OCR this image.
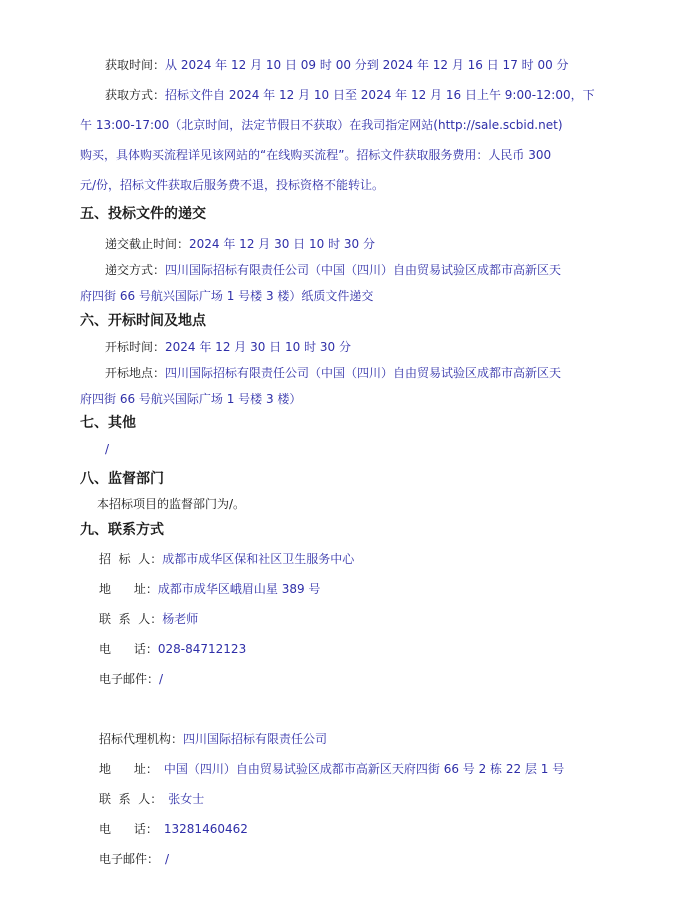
获取时间：从 2024 年 12 月 10 日 09 时 00 分到 2024 年 12 月 16 日 17 时 00 分
获取方式：招标文件自 2024 年 12 月 10 日至 2024 年 12 月 16 日上午 9:00-12:00，下
午 13:00-17:00（北京时间，法定节假日不获取）在我司指定网站(http://sale.scbid.net)
购买，具体购买流程详见该网站的“在线购买流程”。招标文件获取服务费用：人民币 300
元/份，招标文件获取后服务费不退，投标资格不能转让。
五、投标文件的递交
递交截止时间：2024 年 12 月 30 日 10 时 30 分
递交方式：四川国际招标有限责任公司（中国（四川）自由贸易试验区成都市高新区天
府四街 66 号航兴国际广场 1 号楼 3 楼）纸质文件递交
六、开标时间及地点
开标时间：2024 年 12 月 30 日 10 时 30 分
开标地点：四川国际招标有限责任公司（中国（四川）自由贸易试验区成都市高新区天
府四街 66 号航兴国际广场 1 号楼 3 楼）
七、其他
/
八、监督部门
本招标项目的监督部门为/。
九、联系方式
招  标  人：成都市成华区保和社区卫生服务中心
地      址：成都市成华区峨眉山星 389 号
联  系  人：杨老师
电      话：028-84712123
电子邮件：/
招标代理机构：四川国际招标有限责任公司
地      址： 中国（四川）自由贸易试验区成都市高新区天府四街 66 号 2 栋 22 层 1 号
联  系  人： 张女士
电      话： 13281460462
电子邮件： /
